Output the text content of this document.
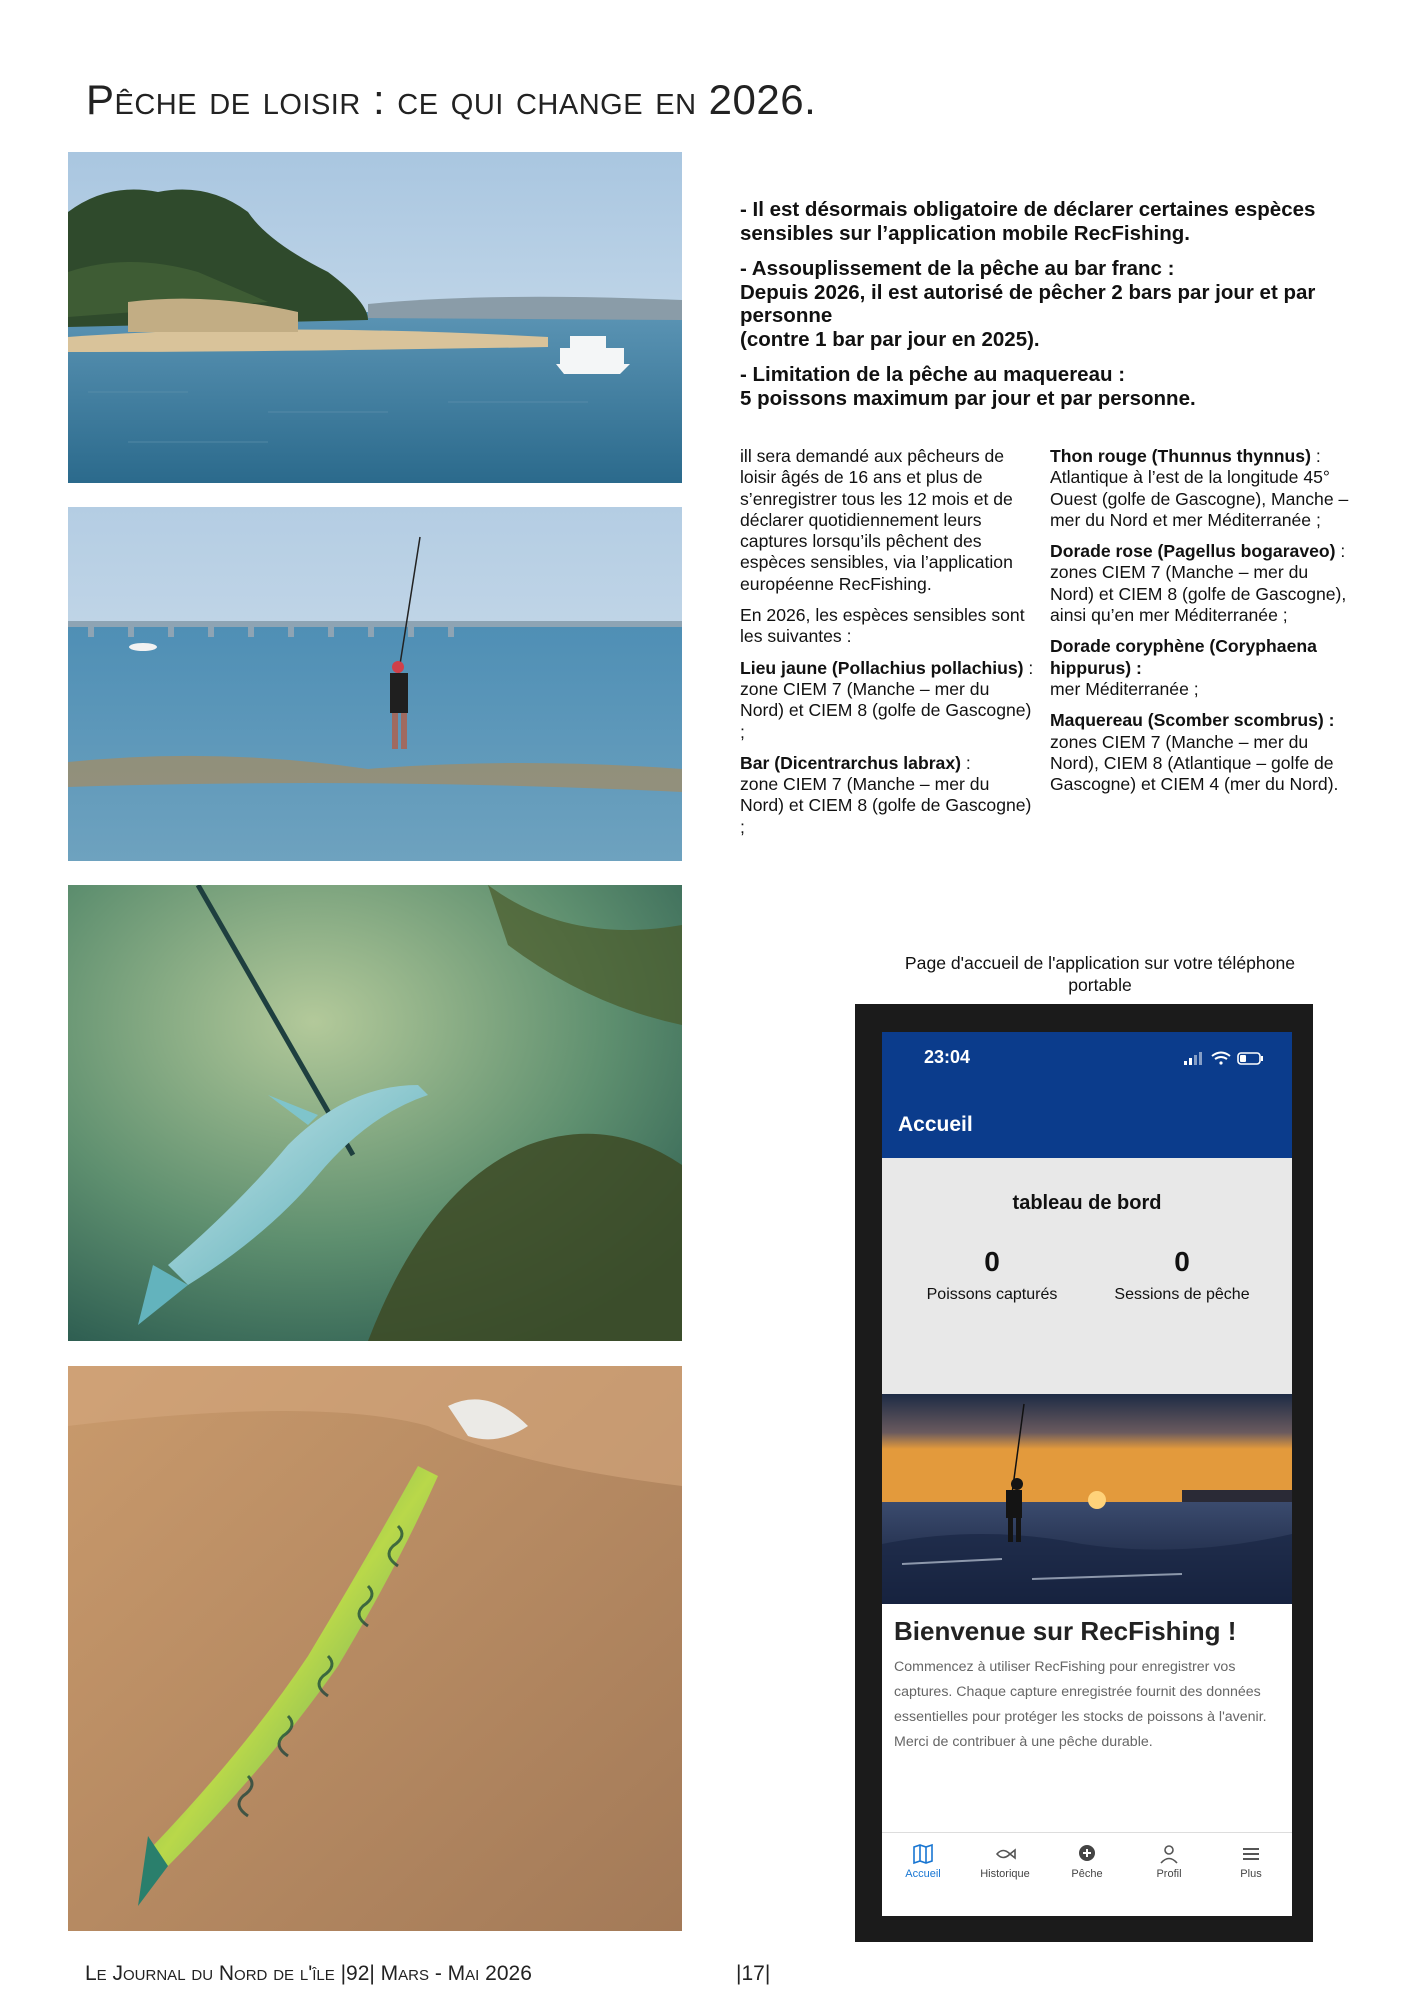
Pêche de loisir : ce qui change en 2026.

- Il est désormais obligatoire de déclarer certaines espèces sensibles sur l’application mobile RecFishing.

- Assouplissement de la pêche au bar franc :
Depuis 2026, il est autorisé de pêcher 2 bars par jour et par personne
(contre 1 bar par jour en 2025).

- Limitation de la pêche au maquereau :
5 poissons maximum par jour et par personne.

ill sera demandé aux pêcheurs de loisir âgés de 16 ans et plus de s’enregistrer tous les 12 mois et de déclarer quotidiennement leurs captures lorsqu’ils pêchent des espèces sensibles, via l’application européenne RecFishing.

En 2026, les espèces sensibles sont les suivantes :

Lieu jaune (Pollachius pollachius) :
zone CIEM 7 (Manche – mer du Nord) et CIEM 8 (golfe de Gascogne) ;

Bar (Dicentrarchus labrax) :
zone CIEM 7 (Manche – mer du Nord) et CIEM 8 (golfe de Gascogne) ;

Thon rouge (Thunnus thynnus) : Atlantique à l’est de la longitude 45° Ouest (golfe de Gascogne), Manche – mer du Nord et mer Méditerranée ;

Dorade rose (Pagellus bogaraveo) :
zones CIEM 7 (Manche – mer du Nord) et CIEM 8 (golfe de Gascogne), ainsi qu’en mer Méditerranée ;

Dorade coryphène (Coryphaena hippurus) :
mer Méditerranée ;

Maquereau (Scomber scombrus) :
zones CIEM 7 (Manche – mer du Nord), CIEM 8 (Atlantique – golfe de Gascogne) et CIEM 4 (mer du Nord).

Page d'accueil de l'application sur votre téléphone portable
23:04
Accueil
tableau de bord
0
Poissons capturés
0
Sessions de pêche
Bienvenue sur RecFishing !
Commencez à utiliser RecFishing pour enregistrer vos captures. Chaque capture enregistrée fournit des données essentielles pour protéger les stocks de poissons à l'avenir. Merci de contribuer à une pêche durable.
Accueil	Historique	Pêche	Profil	Plus
Le Journal du Nord de l'île |92| Mars - Mai 2026	|17|
